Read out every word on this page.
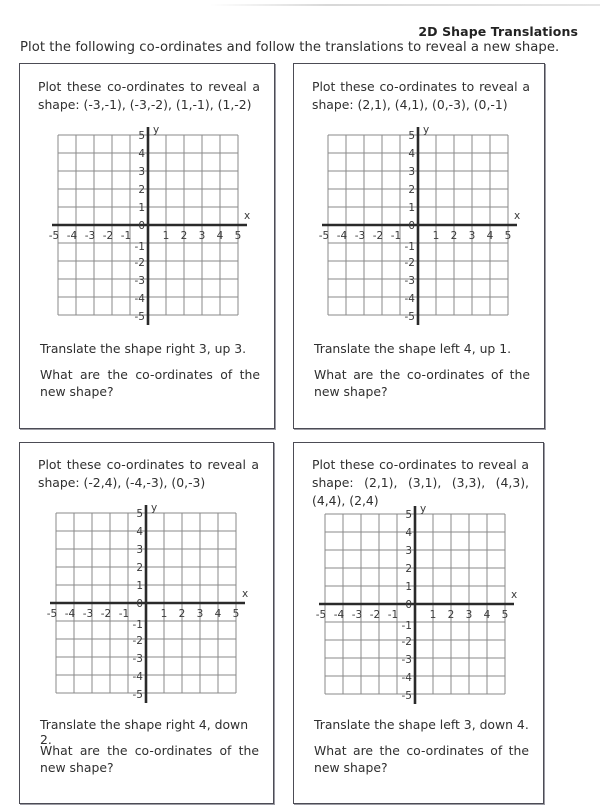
2D Shape Translations
Plot the following co-ordinates and follow the translations to reveal a new shape.
Plot these co-ordinates to reveal a shape: (-3,-1), (-3,-2), (1,-1), (1,-2)
x
y
-5 -4 -3 -2 -1	1 2 3 4 5
5
4
3
2
1
0
-1
-2
-3
-4
-5
Translate the shape right 3, up 3.
What are the co-ordinates of the new shape?
Plot these co-ordinates to reveal a shape: (2,1), (4,1), (0,-3), (0,-1)
x
y
-5 -4 -3 -2 -1	1 2 3 4 5
5
4
3
2
1
0
-1
-2
-3
-4
-5
Translate the shape left 4, up 1.
What are the co-ordinates of the new shape?
Plot these co-ordinates to reveal a shape: (-2,4), (-4,-3), (0,-3)
x
y
-5 -4 -3 -2 -1	1 2 3 4 5
5
4
3
2
1
0
-1
-2
-3
-4
-5
Translate the shape right 4, down 2.
What are the co-ordinates of the new shape?
Plot these co-ordinates to reveal a shape: (2,1), (3,1), (3,3), (4,3), (4,4), (2,4)
x
y
-5 -4 -3 -2 -1	1 2 3 4 5
5
4
3
2
1
0
-1
-2
-3
-4
-5
Translate the shape left 3, down 4.
What are the co-ordinates of the new shape?
